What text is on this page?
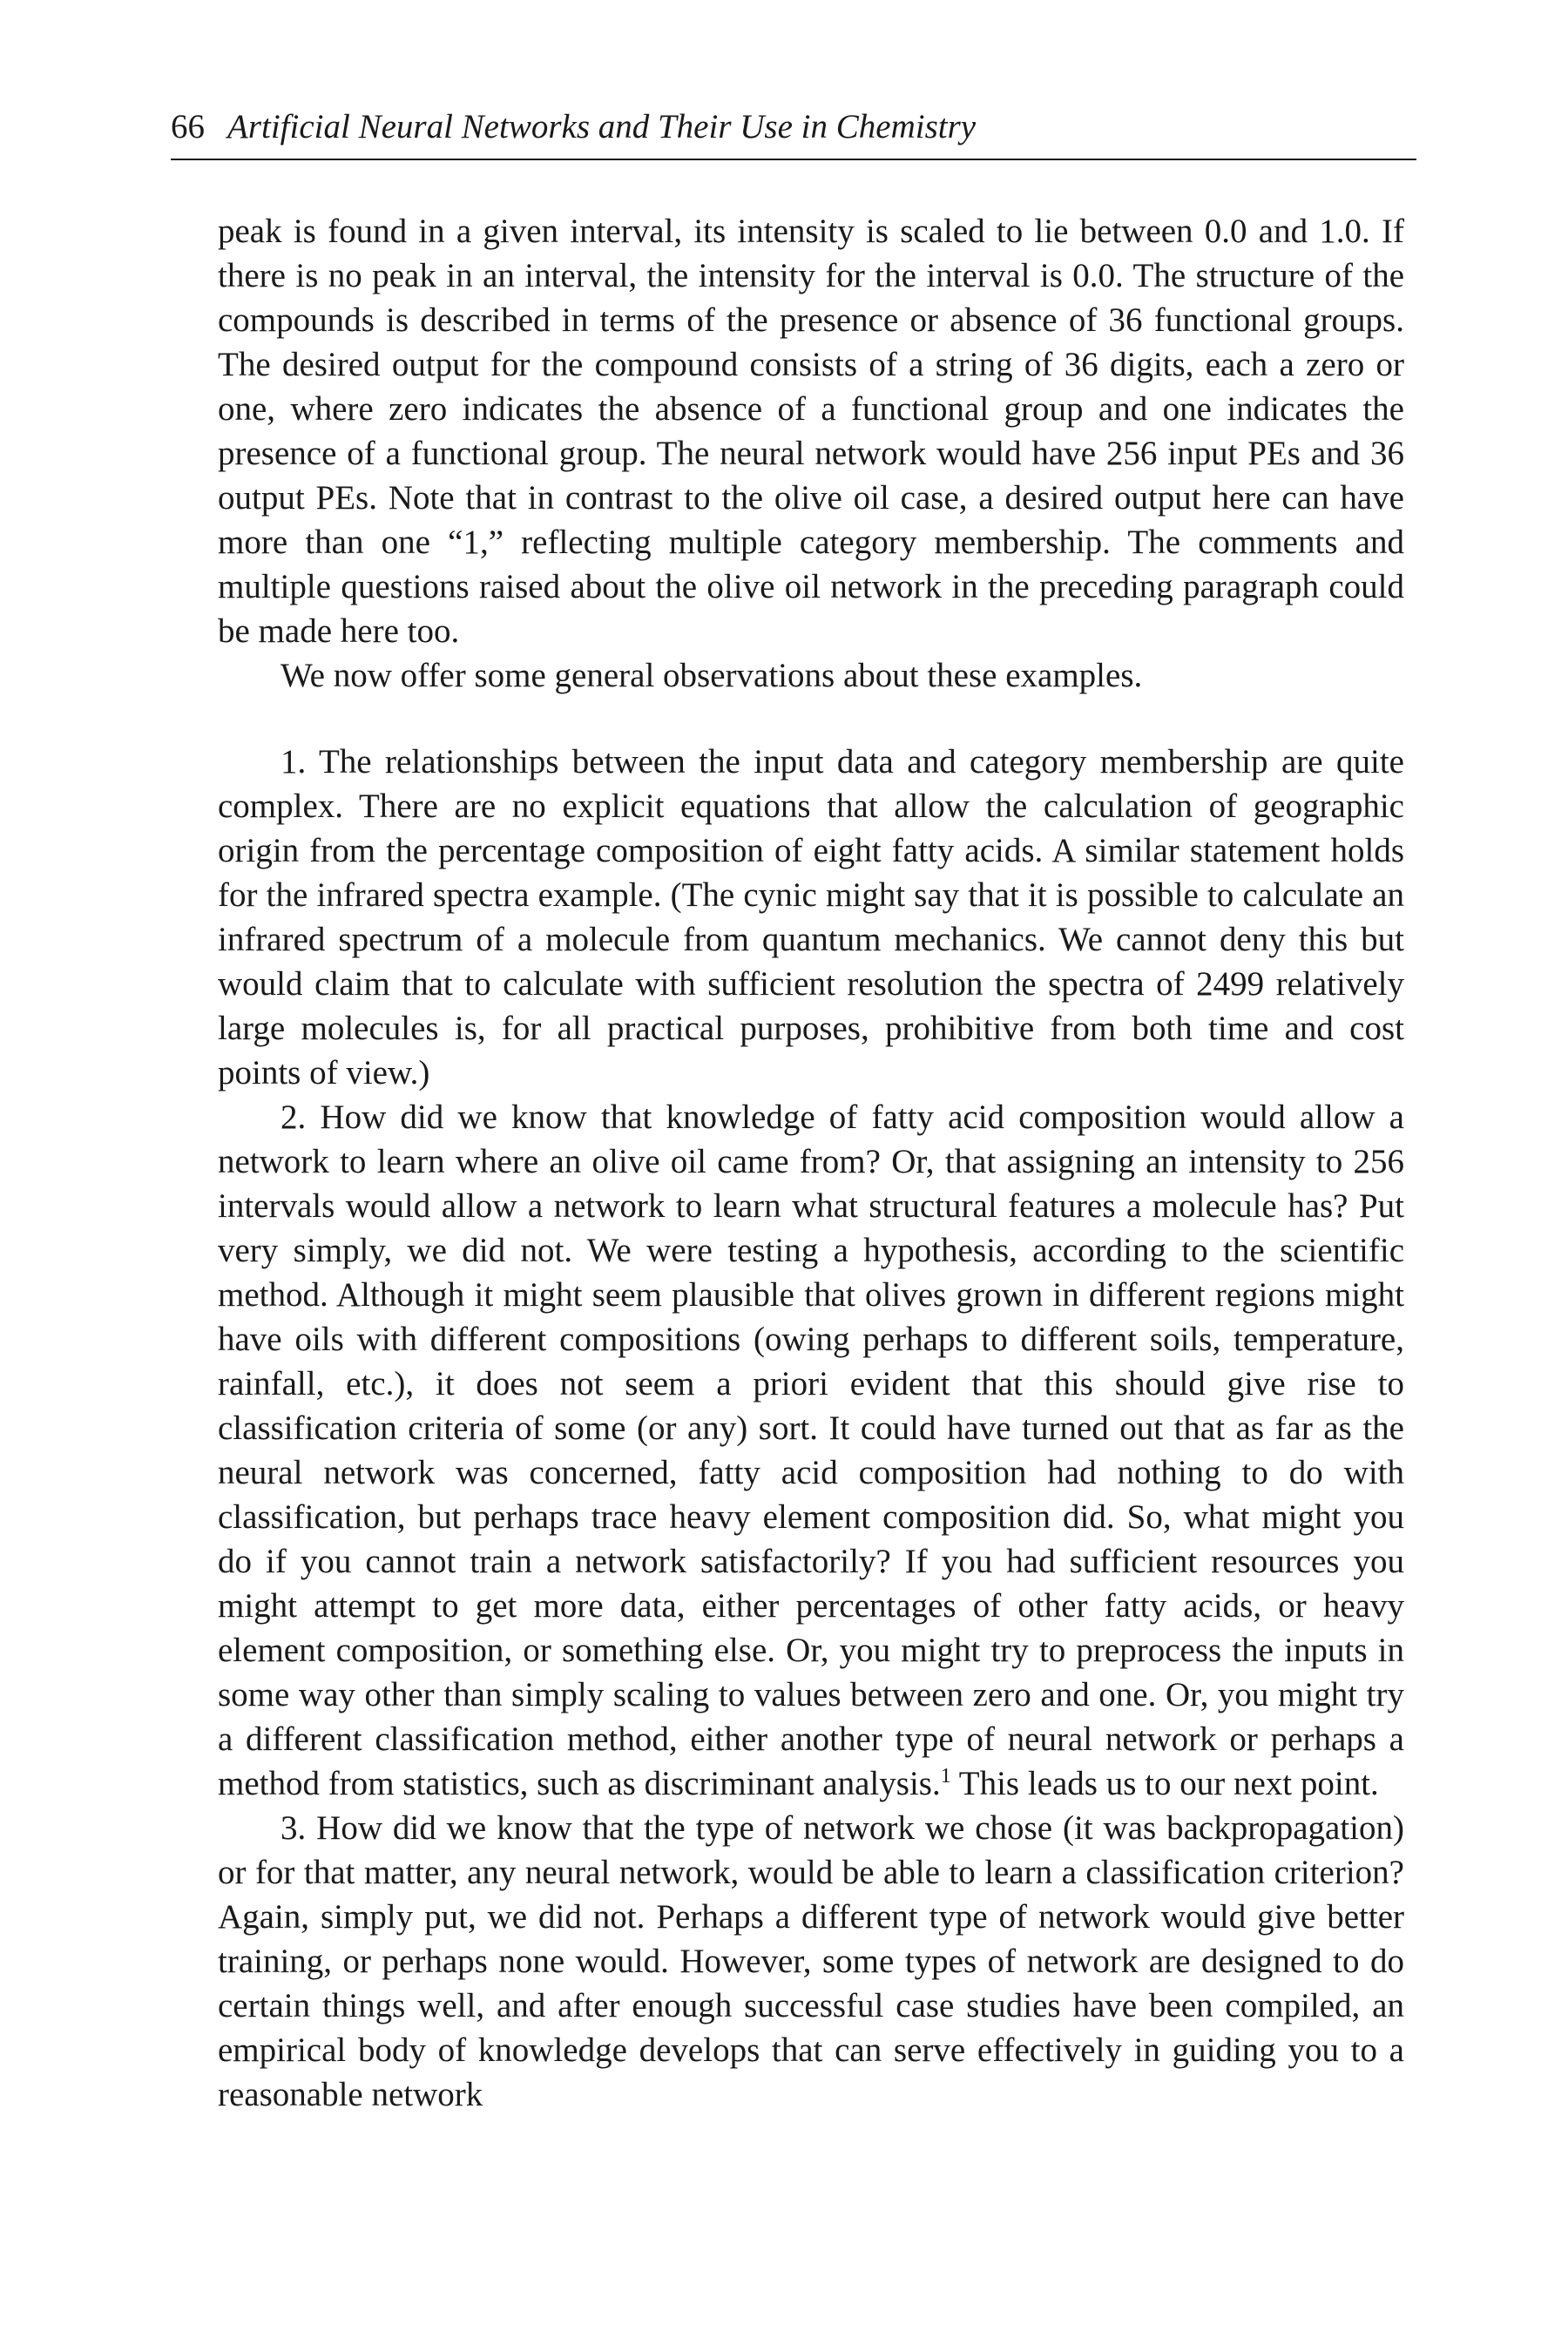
66 Artificial Neural Networks and Their Use in Chemistry

peak is found in a given interval, its intensity is scaled to lie between 0.0 and 1.0. If there is no peak in an interval, the intensity for the interval is 0.0. The structure of the compounds is described in terms of the presence or absence of 36 functional groups. The desired output for the compound consists of a string of 36 digits, each a zero or one, where zero indicates the absence of a functional group and one indicates the presence of a functional group. The neural network would have 256 input PEs and 36 output PEs. Note that in contrast to the olive oil case, a desired output here can have more than one “1,” reflecting multiple category membership. The comments and multiple questions raised about the olive oil network in the preceding paragraph could be made here too.

We now offer some general observations about these examples.

1. The relationships between the input data and category membership are quite complex. There are no explicit equations that allow the calculation of geographic origin from the percentage composition of eight fatty acids. A similar statement holds for the infrared spectra example. (The cynic might say that it is possible to calculate an infrared spectrum of a molecule from quantum mechanics. We cannot deny this but would claim that to calculate with sufficient resolution the spectra of 2499 relatively large molecules is, for all practical purposes, prohibitive from both time and cost points of view.)

2. How did we know that knowledge of fatty acid composition would allow a network to learn where an olive oil came from? Or, that assigning an intensity to 256 intervals would allow a network to learn what structural features a molecule has? Put very simply, we did not. We were testing a hypothesis, according to the scientific method. Although it might seem plausible that olives grown in different regions might have oils with different compositions (owing perhaps to different soils, temperature, rainfall, etc.), it does not seem a priori evident that this should give rise to classification criteria of some (or any) sort. It could have turned out that as far as the neural network was concerned, fatty acid composition had nothing to do with classification, but perhaps trace heavy element composition did. So, what might you do if you cannot train a network satisfactorily? If you had sufficient resources you might attempt to get more data, either percentages of other fatty acids, or heavy element composition, or something else. Or, you might try to preprocess the inputs in some way other than simply scaling to values between zero and one. Or, you might try a different classification method, either another type of neural network or perhaps a method from statistics, such as discriminant analysis.$^1$ This leads us to our next point.

3. How did we know that the type of network we chose (it was backpropagation) or for that matter, any neural network, would be able to learn a classification criterion? Again, simply put, we did not. Perhaps a different type of network would give better training, or perhaps none would. However, some types of network are designed to do certain things well, and after enough successful case studies have been compiled, an empirical body of knowledge develops that can serve effectively in guiding you to a reasonable network
